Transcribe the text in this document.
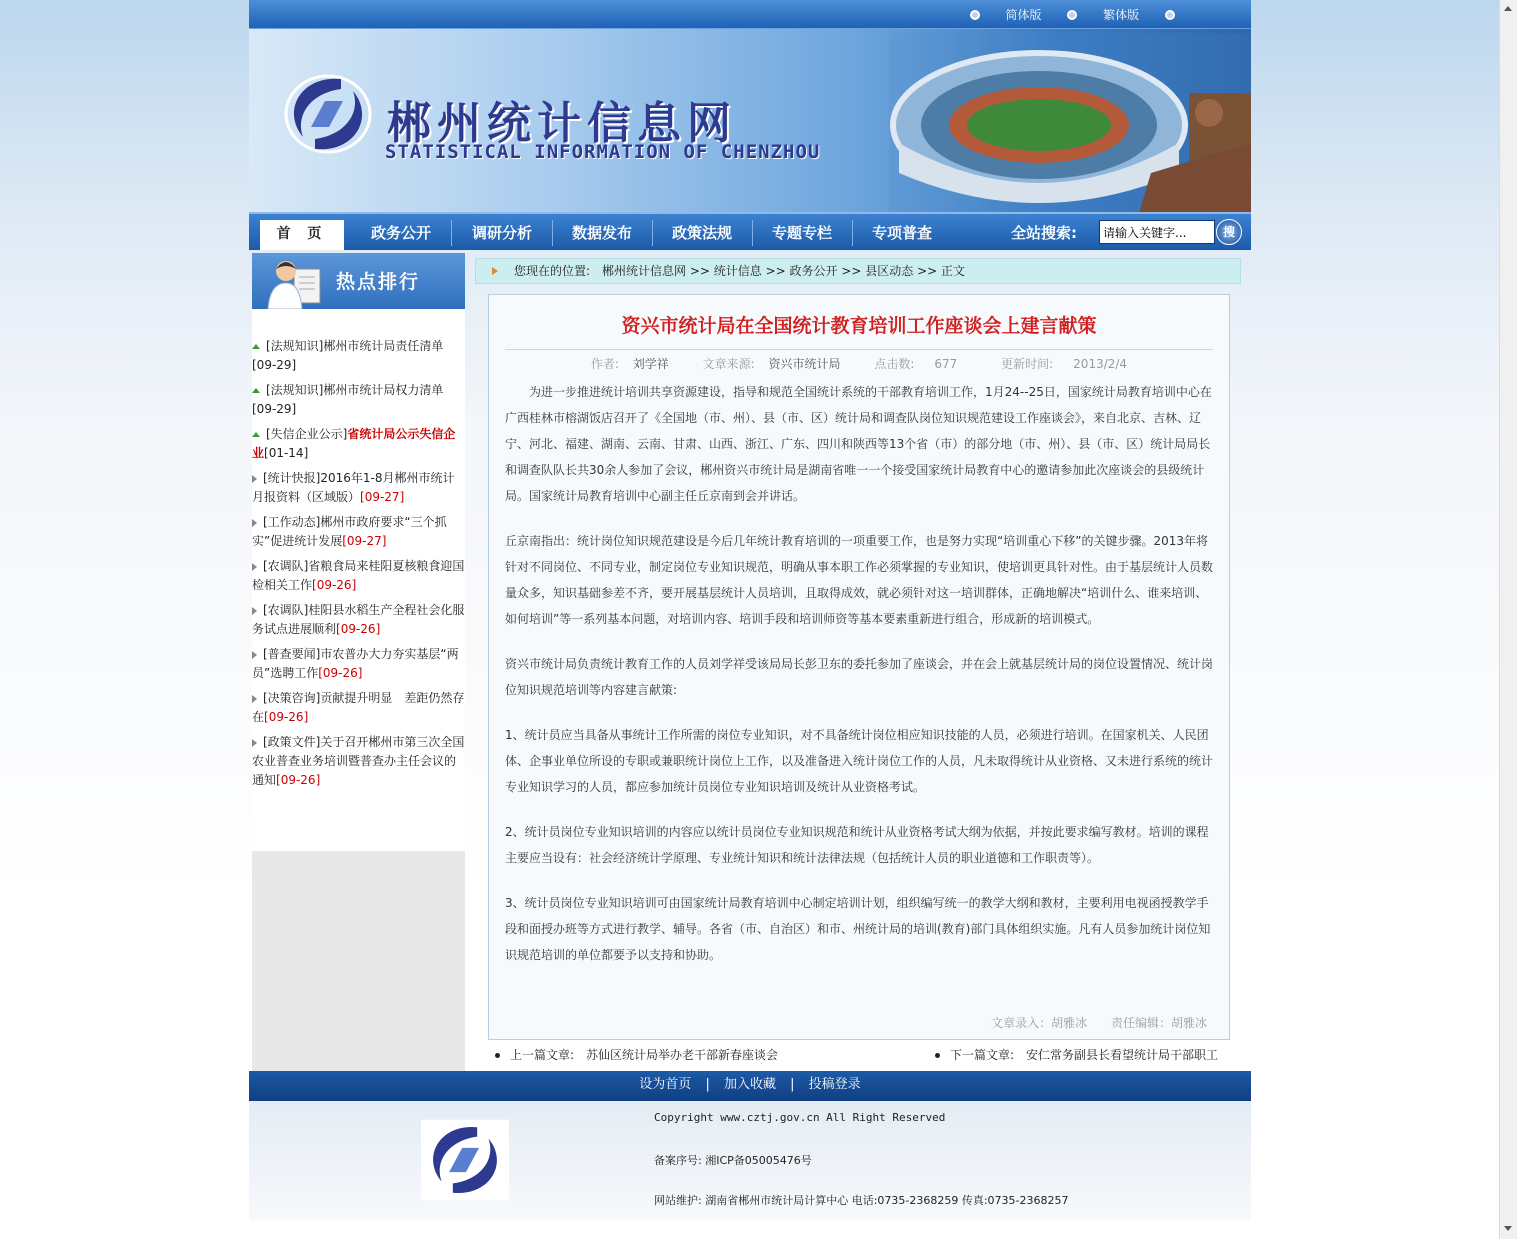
简体版	繁体版
郴州统计信息网
STATISTICAL INFORMATION OF CHENZHOU
首 页	政务公开	调研分析	数据发布	政策法规	专题专栏	专项普查	全站搜索:
请输入关键字...	搜
热点排行
[法规知识]郴州市统计局责任清单
[09-29]
[法规知识]郴州市统计局权力清单
[09-29]
[失信企业公示]省统计局公示失信企业[01-14]
[统计快报]2016年1-8月郴州市统计月报资料（区域版）[09-27]
[工作动态]郴州市政府要求“三个抓实”促进统计发展[09-27]
[农调队]省粮食局来桂阳夏核粮食迎国检相关工作[09-26]
[农调队]桂阳县水稻生产全程社会化服务试点进展顺利[09-26]
[普查要闻]市农普办大力夯实基层“两员”选聘工作[09-26]
[决策咨询]贡献提升明显　差距仍然存在[09-26]
[政策文件]关于召开郴州市第三次全国农业普查业务培训暨普查办主任会议的通知[09-26]
您现在的位置:　郴州统计信息网 >> 统计信息 >> 政务公开 >> 县区动态 >> 正文
资兴市统计局在全国统计教育培训工作座谈会上建言献策
作者: 刘学祥	文章来源: 资兴市统计局	点击数: 677	更新时间: 2013/2/4

为进一步推进统计培训共享资源建设，指导和规范全国统计系统的干部教育培训工作，1月24--25日，国家统计局教育培训中心在广西桂林市榕湖饭店召开了《全国地（市、州）、县（市、区）统计局和调查队岗位知识规范建设工作座谈会》，来自北京、吉林、辽宁、河北、福建、湖南、云南、甘肃、山西、浙江、广东、四川和陕西等13个省（市）的部分地（市、州）、县（市、区）统计局局长和调查队队长共30余人参加了会议，郴州资兴市统计局是湖南省唯一一个接受国家统计局教育中心的邀请参加此次座谈会的县级统计局。国家统计局教育培训中心副主任丘京南到会并讲话。

丘京南指出：统计岗位知识规范建设是今后几年统计教育培训的一项重要工作，也是努力实现“培训重心下移”的关键步骤。2013年将针对不同岗位、不同专业，制定岗位专业知识规范，明确从事本职工作必须掌握的专业知识，使培训更具针对性。由于基层统计人员数量众多，知识基础参差不齐，要开展基层统计人员培训，且取得成效，就必须针对这一培训群体，正确地解决“培训什么、谁来培训、如何培训”等一系列基本问题，对培训内容、培训手段和培训师资等基本要素重新进行组合，形成新的培训模式。

资兴市统计局负责统计教育工作的人员刘学祥受该局局长彭卫东的委托参加了座谈会，并在会上就基层统计局的岗位设置情况、统计岗位知识规范培训等内容建言献策:

1、统计员应当具备从事统计工作所需的岗位专业知识，对不具备统计岗位相应知识技能的人员，必须进行培训。在国家机关、人民团体、企事业单位所设的专职或兼职统计岗位上工作，以及准备进入统计岗位工作的人员，凡未取得统计从业资格、又未进行系统的统计专业知识学习的人员，都应参加统计员岗位专业知识培训及统计从业资格考试。

2、统计员岗位专业知识培训的内容应以统计员岗位专业知识规范和统计从业资格考试大纲为依据，并按此要求编写教材。培训的课程主要应当设有：社会经济统计学原理、专业统计知识和统计法律法规（包括统计人员的职业道德和工作职责等）。

3、统计员岗位专业知识培训可由国家统计局教育培训中心制定培训计划，组织编写统一的教学大纲和教材，主要利用电视函授教学手段和面授办班等方式进行教学、辅导。各省（市、自治区）和市、州统计局的培训(教育)部门具体组织实施。凡有人员参加统计岗位知识规范培训的单位都要予以支持和协助。

文章录入：胡雅冰 责任编辑：胡雅冰
上一篇文章:　苏仙区统计局举办老干部新春座谈会	下一篇文章:　安仁常务副县长看望统计局干部职工
设为首页 | 加入收藏 | 投稿登录
Copyright www.cztj.gov.cn All Right Reserved
备案序号: 湘ICP备05005476号
网站维护: 湖南省郴州市统计局计算中心 电话:0735-2368259 传真:0735-2368257
